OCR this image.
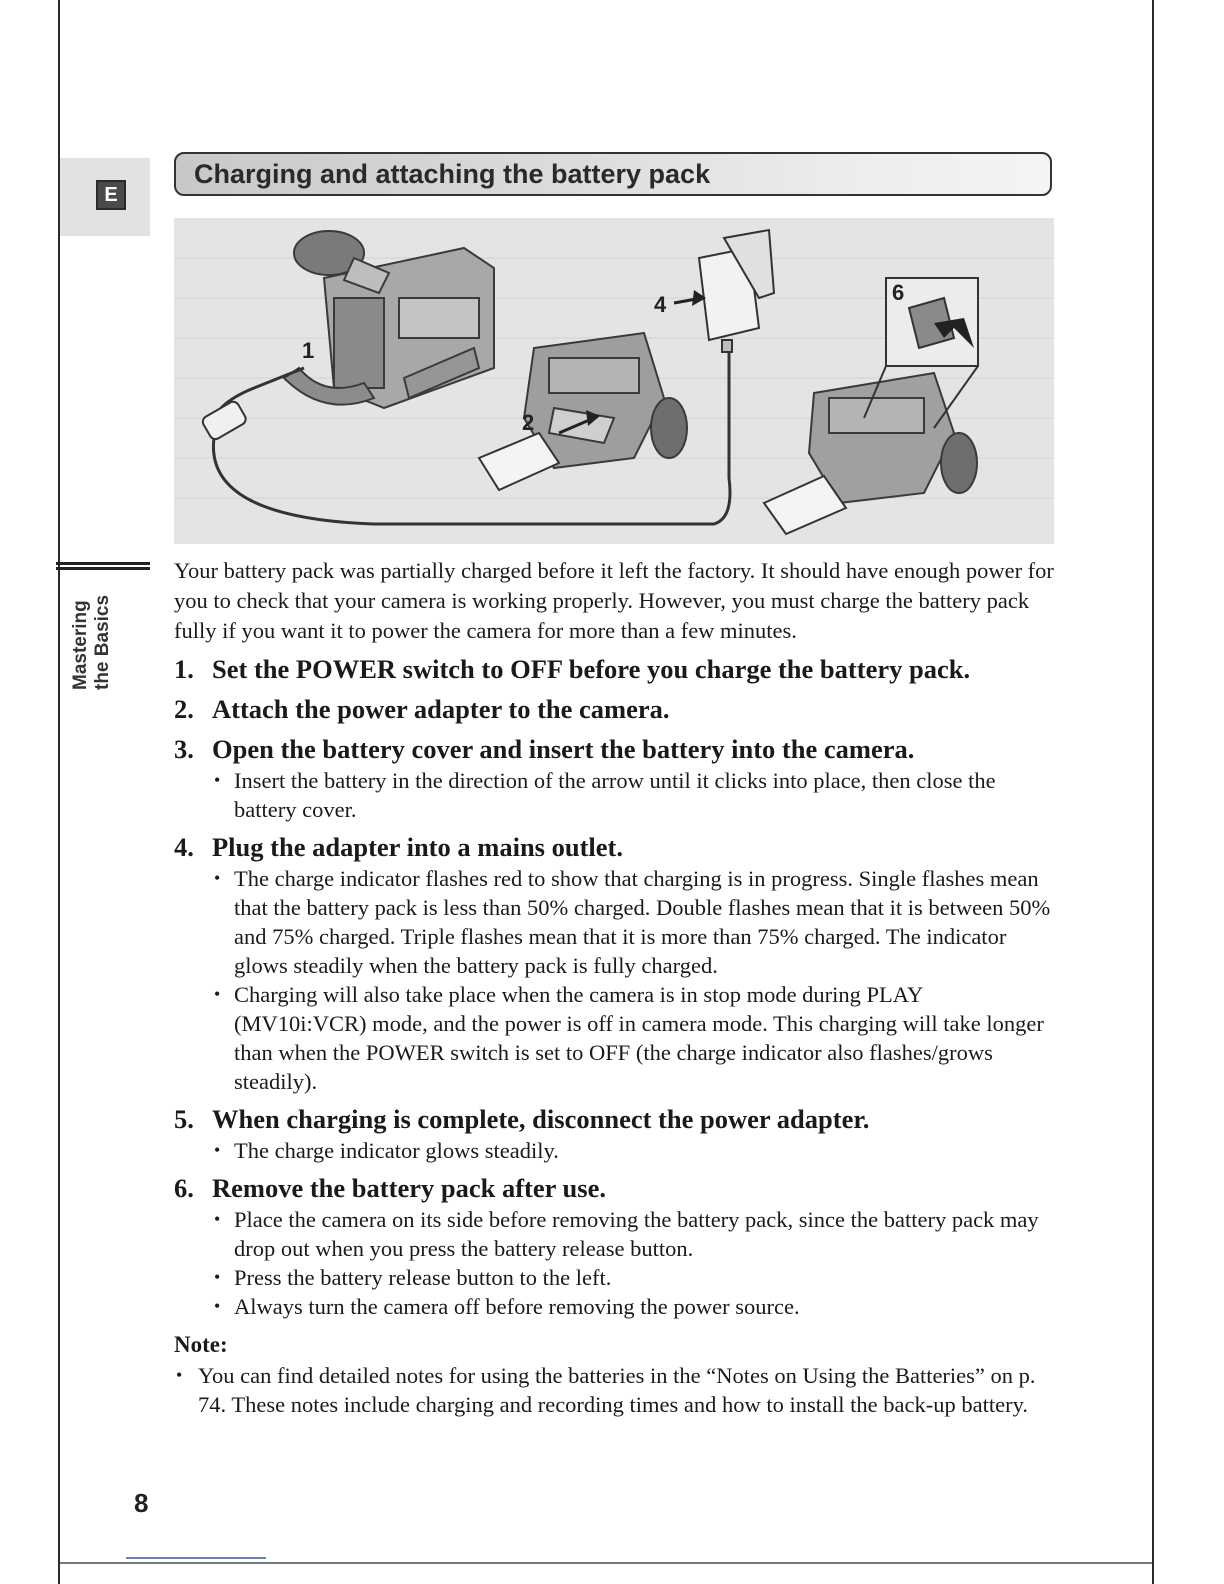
E
Charging and attaching the battery pack
1
2
4	6
Mastering the Basics

Your battery pack was partially charged before it left the factory. It should have enough power for you to check that your camera is working properly. However, you must charge the battery pack fully if you want it to power the camera for more than a few minutes.

1. Set the POWER switch to OFF before you charge the battery pack.
2. Attach the power adapter to the camera.
3. Open the battery cover and insert the battery into the camera.
• Insert the battery in the direction of the arrow until it clicks into place, then close the battery cover.
4. Plug the adapter into a mains outlet.
• The charge indicator flashes red to show that charging is in progress. Single flashes mean that the battery pack is less than 50% charged. Double flashes mean that it is between 50% and 75% charged. Triple flashes mean that it is more than 75% charged. The indicator glows steadily when the battery pack is fully charged.
• Charging will also take place when the camera is in stop mode during PLAY (MV10i:VCR) mode, and the power is off in camera mode. This charging will take longer than when the POWER switch is set to OFF (the charge indicator also flashes/grows steadily).
5. When charging is complete, disconnect the power adapter.
• The charge indicator glows steadily.
6. Remove the battery pack after use.
• Place the camera on its side before removing the battery pack, since the battery pack may drop out when you press the battery release button.
• Press the battery release button to the left.
• Always turn the camera off before removing the power source.
Note:
• You can find detailed notes for using the batteries in the “Notes on Using the Batteries” on p. 74. These notes include charging and recording times and how to install the back-up battery.
8
